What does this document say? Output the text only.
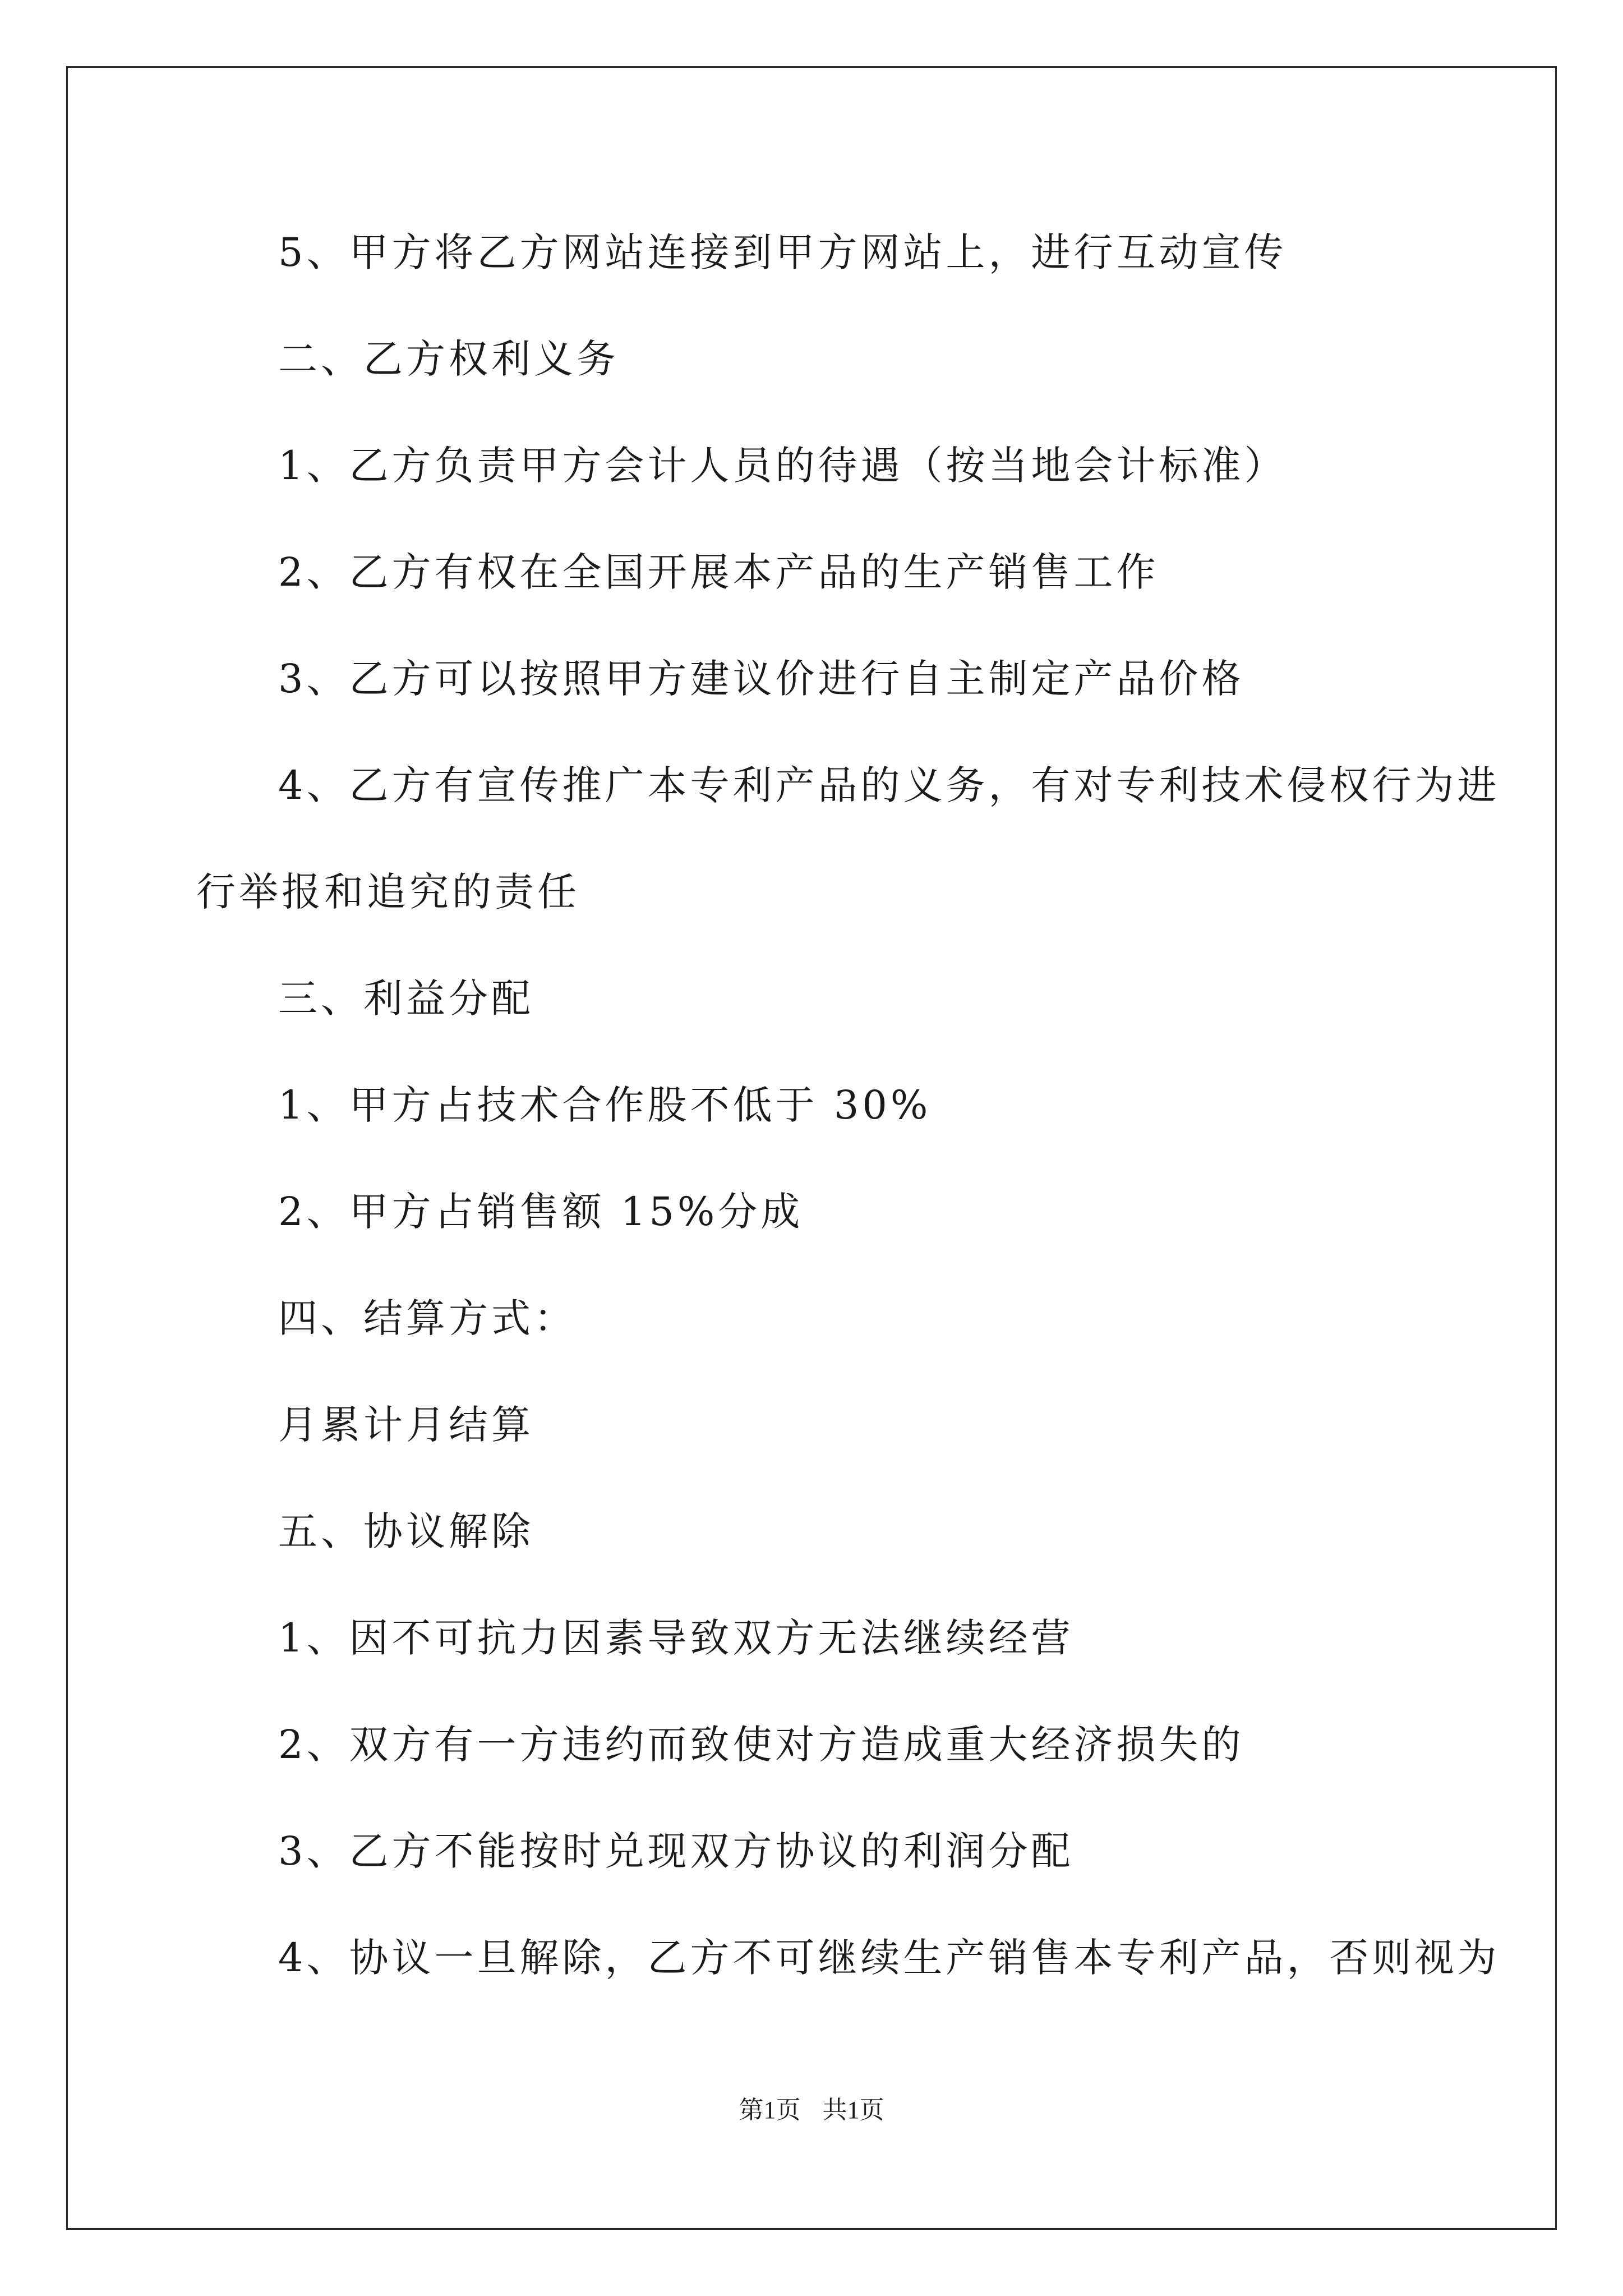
5、甲方将乙方网站连接到甲方网站上，进行互动宣传
二、乙方权利义务
1、乙方负责甲方会计人员的待遇（按当地会计标准）
2、乙方有权在全国开展本产品的生产销售工作
3、乙方可以按照甲方建议价进行自主制定产品价格
4、乙方有宣传推广本专利产品的义务，有对专利技术侵权行为进
行举报和追究的责任
三、利益分配
1、甲方占技术合作股不低于 30%
2、甲方占销售额 15%分成
四、结算方式：
月累计月结算
五、协议解除
1、因不可抗力因素导致双方无法继续经营
2、双方有一方违约而致使对方造成重大经济损失的
3、乙方不能按时兑现双方协议的利润分配
4、协议一旦解除，乙方不可继续生产销售本专利产品，否则视为
第1页 共1页
